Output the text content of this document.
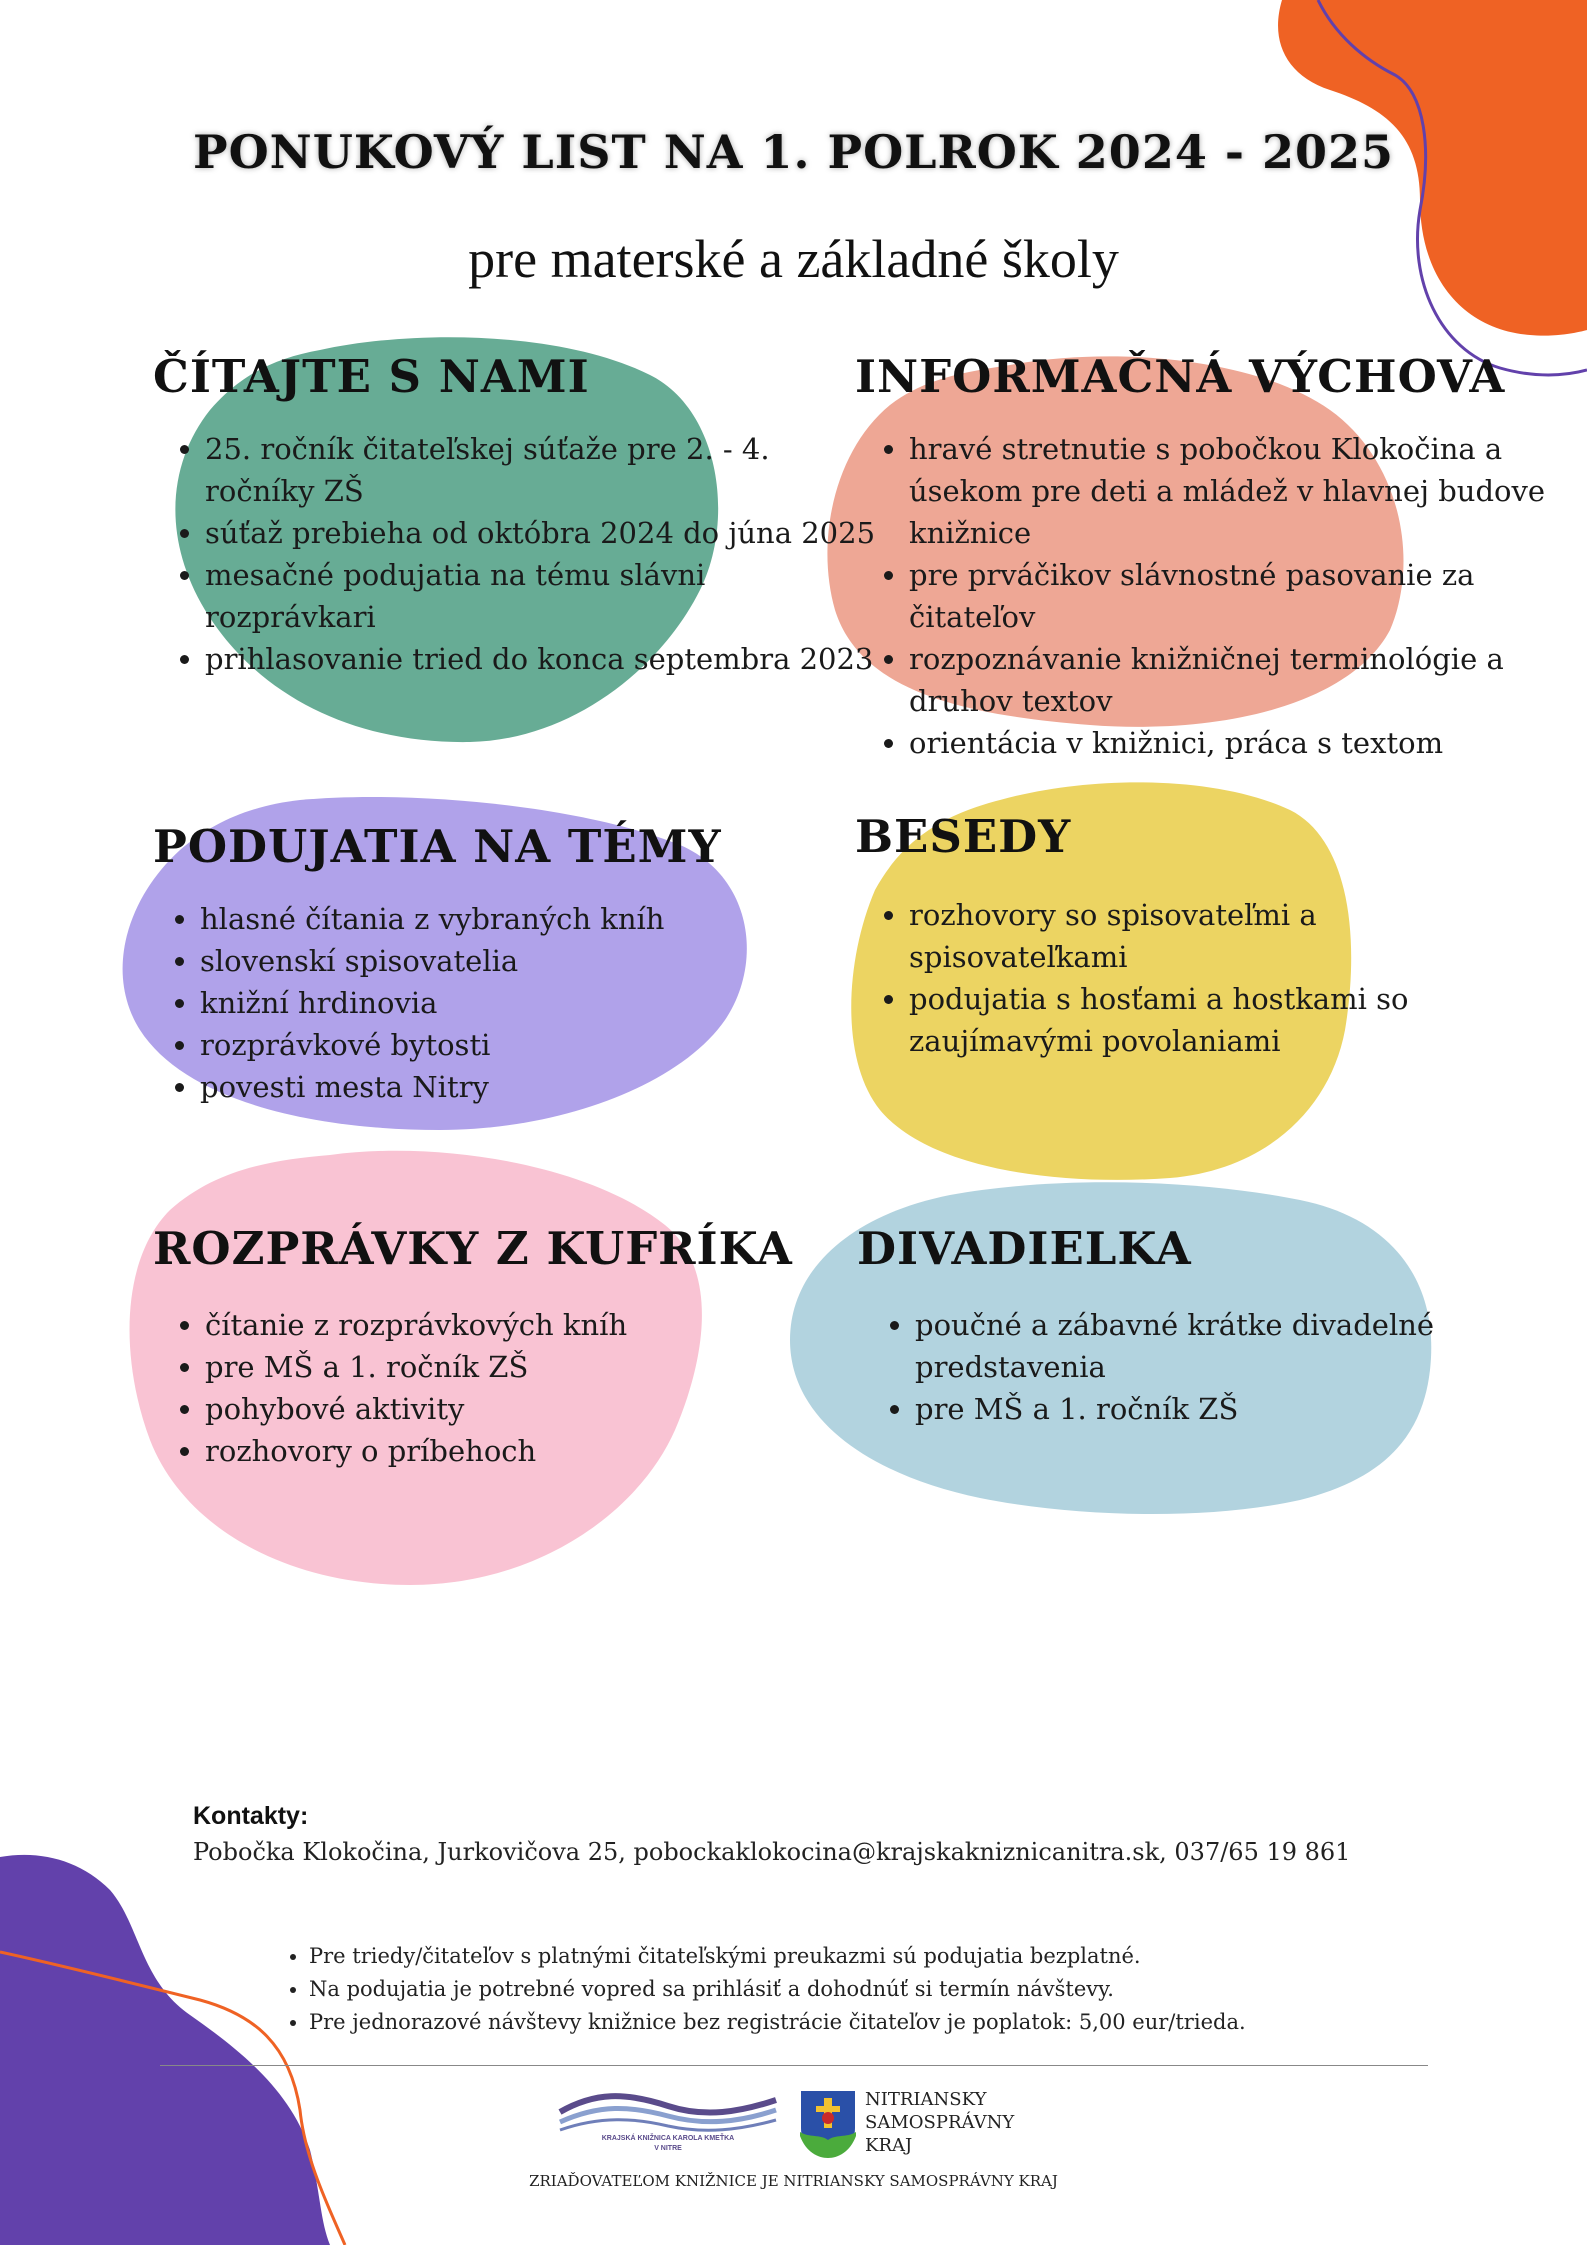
PONUKOVÝ LIST NA 1. POLROK 2024 - 2025
pre materské a základné školy
ČÍTAJTE S NAMI
• 25. ročník čitateľskej súťaže pre 2. - 4. ročníky ZŠ
• súťaž prebieha od októbra 2024 do júna 2025
• mesačné podujatia na tému slávni rozprávkari
• prihlasovanie tried do konca septembra 2023
INFORMAČNÁ VÝCHOVA
• hravé stretnutie s pobočkou Klokočina a úsekom pre deti a mládež v hlavnej budove knižnice
• pre prváčikov slávnostné pasovanie za čitateľov
• rozpoznávanie knižničnej terminológie a druhov textov
• orientácia v knižnici, práca s textom
PODUJATIA NA TÉMY
• hlasné čítania z vybraných kníh
• slovenskí spisovatelia
• knižní hrdinovia
• rozprávkové bytosti
• povesti mesta Nitry
BESEDY
• rozhovory so spisovateľmi a spisovateľkami
• podujatia s hosťami a hostkami so zaujímavými povolaniami
ROZPRÁVKY Z KUFRÍKA
• čítanie z rozprávkových kníh
• pre MŠ a 1. ročník ZŠ
• pohybové aktivity
• rozhovory o príbehoch
DIVADIELKA
• poučné a zábavné krátke divadelné predstavenia
• pre MŠ a 1. ročník ZŠ
Kontakty:
Pobočka Klokočina, Jurkovičova 25, pobockaklokocina@krajskakniznicanitra.sk, 037/65 19 861
• Pre triedy/čitateľov s platnými čitateľskými preukazmi sú podujatia bezplatné.
• Na podujatia je potrebné vopred sa prihlásiť a dohodnúť si termín návštevy.
• Pre jednorazové návštevy knižnice bez registrácie čitateľov je poplatok: 5,00 eur/trieda.
KRAJSKÁ KNIŽNICA KAROLA KMEŤKA
V NITRE
NITRIANSKY
SAMOSPRÁVNY
KRAJ
ZRIAĎOVATEĽOM KNIŽNICE JE NITRIANSKY SAMOSPRÁVNY KRAJ
